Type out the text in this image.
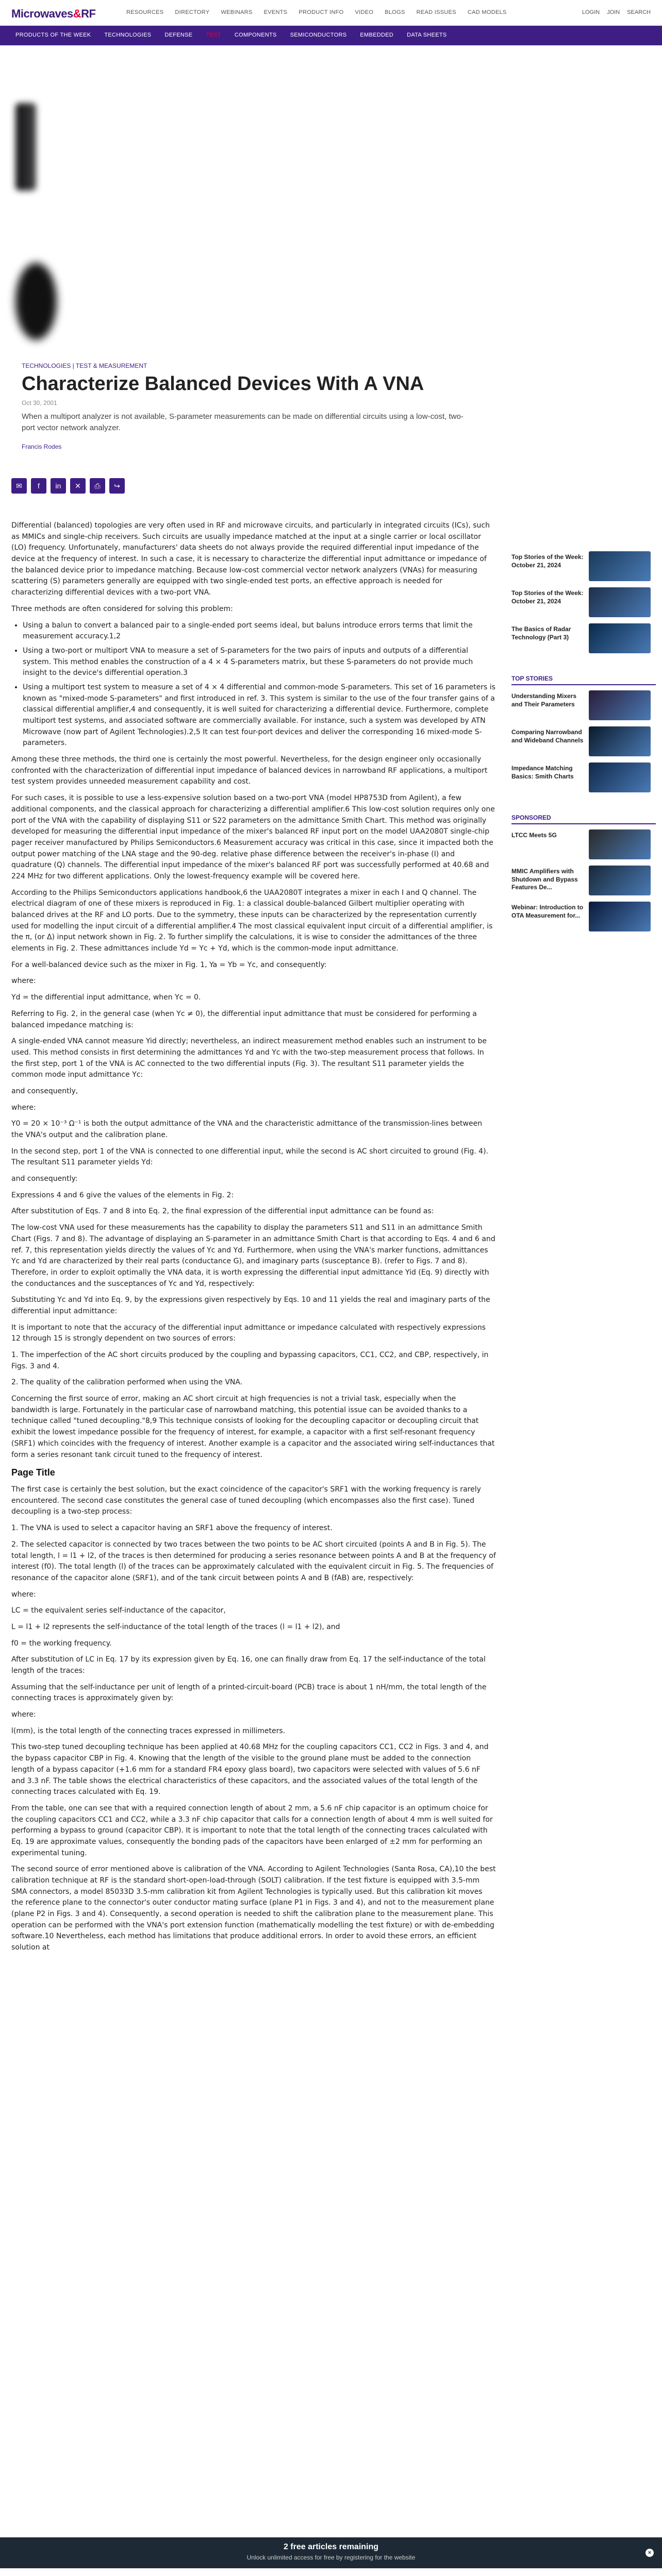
Microwaves&RF	RESOURCES DIRECTORY WEBINARS EVENTS PRODUCT INFO VIDEO BLOGS READ ISSUES CAD MODELS	LOGIN JOIN SEARCH
PRODUCTS OF THE WEEK TECHNOLOGIES DEFENSE TEST COMPONENTS SEMICONDUCTORS EMBEDDED DATA SHEETS
TECHNOLOGIES | TEST & MEASUREMENT
Characterize Balanced Devices With A VNA
Oct 30, 2001
When a multiport analyzer is not available, S-parameter measurements can be made on differential circuits using a low-cost, two-port vector network analyzer.
Francis Rodes
✉ f in ✕ ⎙ ↪

Differential (balanced) topologies are very often used in RF and microwave circuits, and particularly in integrated circuits (ICs), such as MMICs and single-chip receivers. Such circuits are usually impedance matched at the input at a single carrier or local oscillator (LO) frequency. Unfortunately, manufacturers' data sheets do not always provide the required differential input impedance of the device at the frequency of interest. In such a case, it is necessary to characterize the differential input admittance or impedance of the balanced device prior to impedance matching. Because low-cost commercial vector network analyzers (VNAs) for measuring scattering (S) parameters generally are equipped with two single-ended test ports, an effective approach is needed for characterizing differential devices with a two-port VNA.

Three methods are often considered for solving this problem:

• Using a balun to convert a balanced pair to a single-ended port seems ideal, but baluns introduce errors terms that limit the measurement accuracy.1,2
• Using a two-port or multiport VNA to measure a set of S-parameters for the two pairs of inputs and outputs of a differential system. This method enables the construction of a 4 × 4 S-parameters matrix, but these S-parameters do not provide much insight to the device's differential operation.3
• Using a multiport test system to measure a set of 4 × 4 differential and common-mode S-parameters. This set of 16 parameters is known as "mixed-mode S-parameters" and first introduced in ref. 3. This system is similar to the use of the four transfer gains of a classical differential amplifier,4 and consequently, it is well suited for characterizing a differential device. Furthermore, complete multiport test systems, and associated software are commercially available. For instance, such a system was developed by ATN Microwave (now part of Agilent Technologies).2,5 It can test four-port devices and deliver the corresponding 16 mixed-mode S-parameters.

Among these three methods, the third one is certainly the most powerful. Nevertheless, for the design engineer only occasionally confronted with the characterization of differential input impedance of balanced devices in narrowband RF applications, a multiport test system provides unneeded measurement capability and cost.

For such cases, it is possible to use a less-expensive solution based on a two-port VNA (model HP8753D from Agilent), a few additional components, and the classical approach for characterizing a differential amplifier.6 This low-cost solution requires only one port of the VNA with the capability of displaying S11 or S22 parameters on the admittance Smith Chart. This method was originally developed for measuring the differential input impedance of the mixer's balanced RF input port on the model UAA2080T single-chip pager receiver manufactured by Philips Semiconductors.6 Measurement accuracy was critical in this case, since it impacted both the output power matching of the LNA stage and the 90-deg. relative phase difference between the receiver's in-phase (I) and quadrature (Q) channels. The differential input impedance of the mixer's balanced RF port was successfully performed at 40.68 and 224 MHz for two different applications. Only the lowest-frequency example will be covered here.

According to the Philips Semiconductors applications handbook,6 the UAA2080T integrates a mixer in each I and Q channel. The electrical diagram of one of these mixers is reproduced in Fig. 1: a classical double-balanced Gilbert multiplier operating with balanced drives at the RF and LO ports. Due to the symmetry, these inputs can be characterized by the representation currently used for modelling the input circuit of a differential amplifier.4 The most classical equivalent input circuit of a differential amplifier, is the π, (or Δ) input network shown in Fig. 2. To further simplify the calculations, it is wise to consider the admittances of the three elements in Fig. 2. These admittances include Yd = Yc + Yd, which is the common-mode input admittance.

For a well-balanced device such as the mixer in Fig. 1, Ya = Yb = Yc, and consequently:

where:

Yd = the differential input admittance, when Yc = 0.

Referring to Fig. 2, in the general case (when Yc ≠ 0), the differential input admittance that must be considered for performing a balanced impedance matching is:

A single-ended VNA cannot measure Yid directly; nevertheless, an indirect measurement method enables such an instrument to be used. This method consists in first determining the admittances Yd and Yc with the two-step measurement process that follows. In the first step, port 1 of the VNA is AC connected to the two differential inputs (Fig. 3). The resultant S11 parameter yields the common mode input admittance Yc:

and consequently,

where:

Y0 = 20 × 10⁻³ Ω⁻¹ is both the output admittance of the VNA and the characteristic admittance of the transmission-lines between the VNA's output and the calibration plane.

In the second step, port 1 of the VNA is connected to one differential input, while the second is AC short circuited to ground (Fig. 4). The resultant S11 parameter yields Yd:

and consequently:

Expressions 4 and 6 give the values of the elements in Fig. 2:

After substitution of Eqs. 7 and 8 into Eq. 2, the final expression of the differential input admittance can be found as:

The low-cost VNA used for these measurements has the capability to display the parameters S11 and S11 in an admittance Smith Chart (Figs. 7 and 8). The advantage of displaying an S-parameter in an admittance Smith Chart is that according to Eqs. 4 and 6 and ref. 7, this representation yields directly the values of Yc and Yd. Furthermore, when using the VNA's marker functions, admittances Yc and Yd are characterized by their real parts (conductance G), and imaginary parts (susceptance B). (refer to Figs. 7 and 8). Therefore, in order to exploit optimally the VNA data, it is worth expressing the differential input admittance Yid (Eq. 9) directly with the conductances and the susceptances of Yc and Yd, respectively:

Substituting Yc and Yd into Eq. 9, by the expressions given respectively by Eqs. 10 and 11 yields the real and imaginary parts of the differential input admittance:

It is important to note that the accuracy of the differential input admittance or impedance calculated with respectively expressions 12 through 15 is strongly dependent on two sources of errors:

1. The imperfection of the AC short circuits produced by the coupling and bypassing capacitors, CC1, CC2, and CBP, respectively, in Figs. 3 and 4.

2. The quality of the calibration performed when using the VNA.

Concerning the first source of error, making an AC short circuit at high frequencies is not a trivial task, especially when the bandwidth is large. Fortunately in the particular case of narrowband matching, this potential issue can be avoided thanks to a technique called "tuned decoupling."8,9 This technique consists of looking for the decoupling capacitor or decoupling circuit that exhibit the lowest impedance possible for the frequency of interest, for example, a capacitor with a first self-resonant frequency (SRF1) which coincides with the frequency of interest. Another example is a capacitor and the associated wiring self-inductances that form a series resonant tank circuit tuned to the frequency of interest.

Page Title

The first case is certainly the best solution, but the exact coincidence of the capacitor's SRF1 with the working frequency is rarely encountered. The second case constitutes the general case of tuned decoupling (which encompasses also the first case). Tuned decoupling is a two-step process:

1. The VNA is used to select a capacitor having an SRF1 above the frequency of interest.

2. The selected capacitor is connected by two traces between the two points to be AC short circuited (points A and B in Fig. 5). The total length, l = l1 + l2, of the traces is then determined for producing a series resonance between points A and B at the frequency of interest (f0). The total length (l) of the traces can be approximately calculated with the equivalent circuit in Fig. 5. The frequencies of resonance of the capacitor alone (SRF1), and of the tank circuit between points A and B (fAB) are, respectively:

where:

LC = the equivalent series self-inductance of the capacitor,

L = l1 + l2 represents the self-inductance of the total length of the traces (l = l1 + l2), and

f0 = the working frequency.

After substitution of LC in Eq. 17 by its expression given by Eq. 16, one can finally draw from Eq. 17 the self-inductance of the total length of the traces:

Assuming that the self-inductance per unit of length of a printed-circuit-board (PCB) trace is about 1 nH/mm, the total length of the connecting traces is approximately given by:

where:

l(mm), is the total length of the connecting traces expressed in millimeters.

This two-step tuned decoupling technique has been applied at 40.68 MHz for the coupling capacitors CC1, CC2 in Figs. 3 and 4, and the bypass capacitor CBP in Fig. 4. Knowing that the length of the visible to the ground plane must be added to the connection length of a bypass capacitor (+1.6 mm for a standard FR4 epoxy glass board), two capacitors were selected with values of 5.6 nF and 3.3 nF. The table shows the electrical characteristics of these capacitors, and the associated values of the total length of the connecting traces calculated with Eq. 19.

From the table, one can see that with a required connection length of about 2 mm, a 5.6 nF chip capacitor is an optimum choice for the coupling capacitors CC1 and CC2, while a 3.3 nF chip capacitor that calls for a connection length of about 4 mm is well suited for performing a bypass to ground (capacitor CBP). It is important to note that the total length of the connecting traces calculated with Eq. 19 are approximate values, consequently the bonding pads of the capacitors have been enlarged of ±2 mm for performing an experimental tuning.

The second source of error mentioned above is calibration of the VNA. According to Agilent Technologies (Santa Rosa, CA),10 the best calibration technique at RF is the standard short-open-load-through (SOLT) calibration. If the test fixture is equipped with 3.5-mm SMA connectors, a model 85033D 3.5-mm calibration kit from Agilent Technologies is typically used. But this calibration kit moves the reference plane to the connector's outer conductor mating surface (plane P1 in Figs. 3 and 4), and not to the measurement plane (plane P2 in Figs. 3 and 4). Consequently, a second operation is needed to shift the calibration plane to the measurement plane. This operation can be performed with the VNA's port extension function (mathematically modelling the test fixture) or with de-embedding software.10 Nevertheless, each method has limitations that produce additional errors. In order to avoid these errors, an efficient solution at

Top Stories of the Week: October 21, 2024
Top Stories of the Week: October 21, 2024
The Basics of Radar Technology (Part 3)
TOP STORIES
Understanding Mixers and Their Parameters
Comparing Narrowband and Wideband Channels
Impedance Matching Basics: Smith Charts
SPONSORED
LTCC Meets 5G
MMIC Amplifiers with Shutdown and Bypass Features De...
Webinar: Introduction to OTA Measurement for...
2 free articles remaining
Unlock unlimited access for free by registering for the website
×
